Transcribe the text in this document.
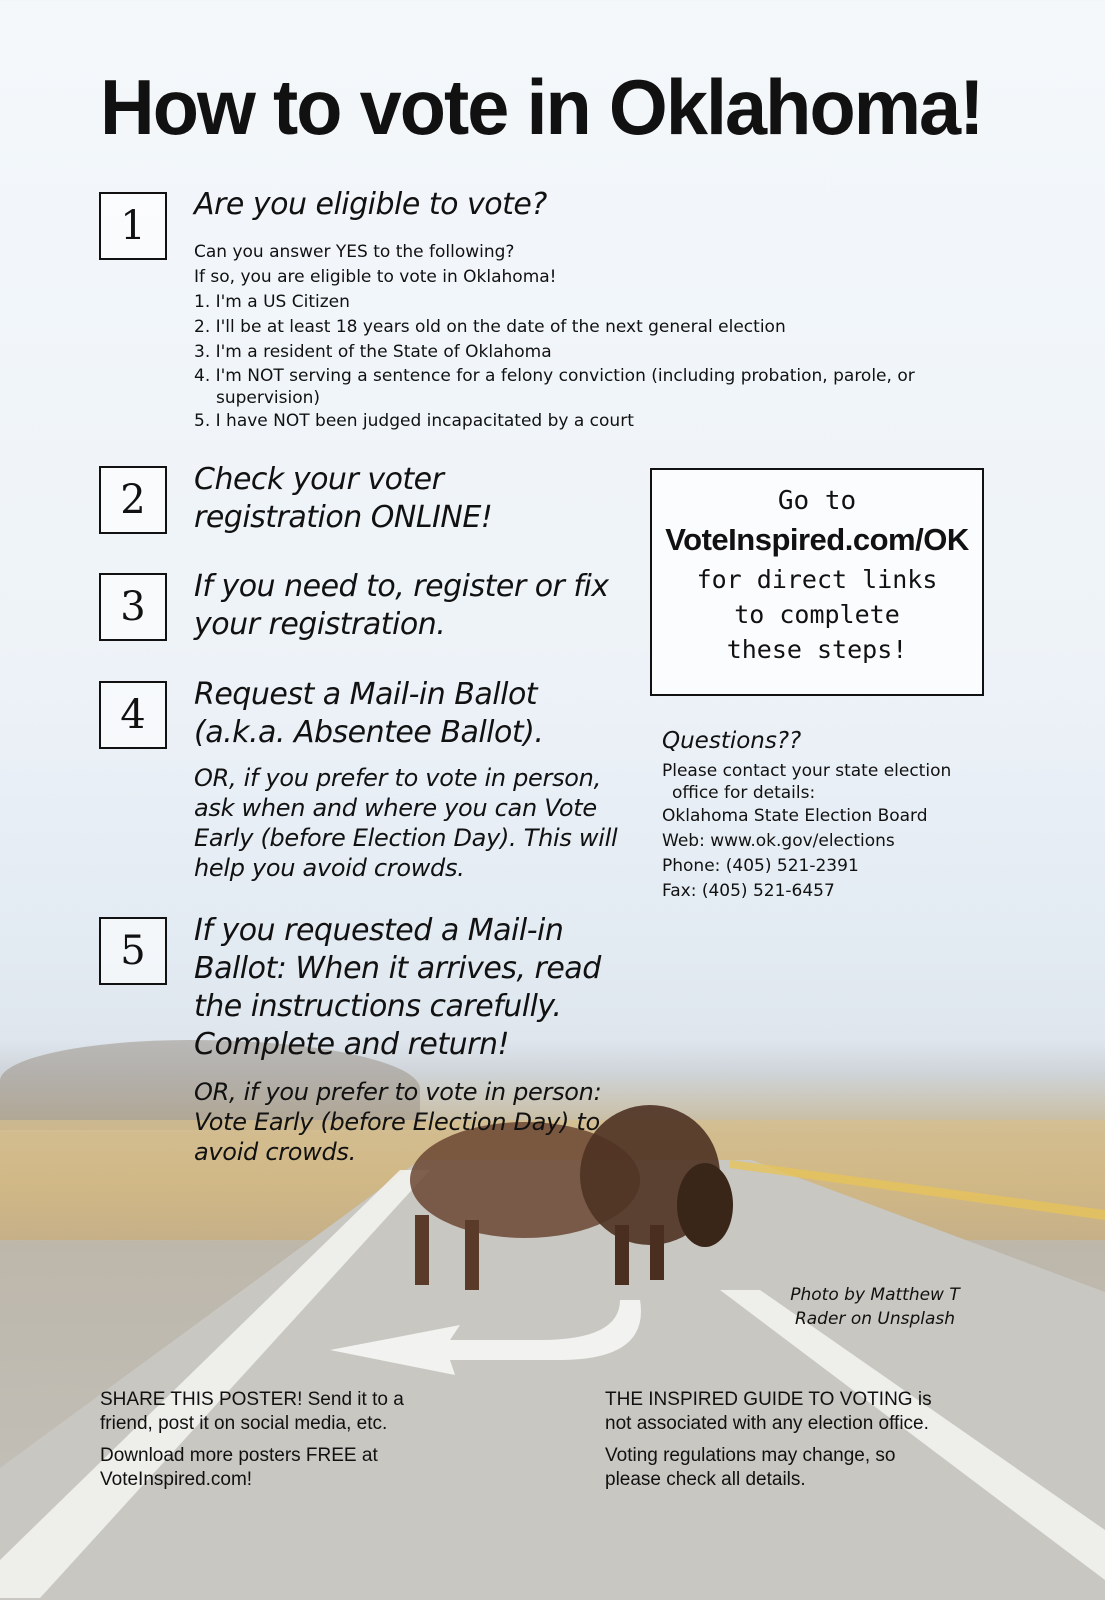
How to vote in Oklahoma!
1	Are you eligible to vote?
Can you answer YES to the following?
If so, you are eligible to vote in Oklahoma!
1. I'm a US Citizen
2. I'll be at least 18 years old on the date of the next general election
3. I'm a resident of the State of Oklahoma
4. I'm NOT serving a sentence for a felony conviction (including probation, parole, or
supervision)
5. I have NOT been judged incapacitated by a court
2	Check your voter
registration ONLINE!
3	If you need to, register or fix
your registration.
4	Request a Mail-in Ballot
(a.k.a. Absentee Ballot).
OR, if you prefer to vote in person,
ask when and where you can Vote
Early (before Election Day). This will
help you avoid crowds.
5	If you requested a Mail-in
Ballot: When it arrives, read
the instructions carefully.
Complete and return!
OR, if you prefer to vote in person:
Vote Early (before Election Day) to
avoid crowds.
Go to
VoteInspired.com/OK
for direct links
to complete
these steps!
Questions??
Please contact your state election
office for details:
Oklahoma State Election Board
Web: www.ok.gov/elections
Phone: (405) 521-2391
Fax: (405) 521-6457
Photo by Matthew T
Rader on Unsplash

SHARE THIS POSTER! Send it to a
friend, post it on social media, etc.

Download more posters FREE at
VoteInspired.com!

THE INSPIRED GUIDE TO VOTING is
not associated with any election office.

Voting regulations may change, so
please check all details.
